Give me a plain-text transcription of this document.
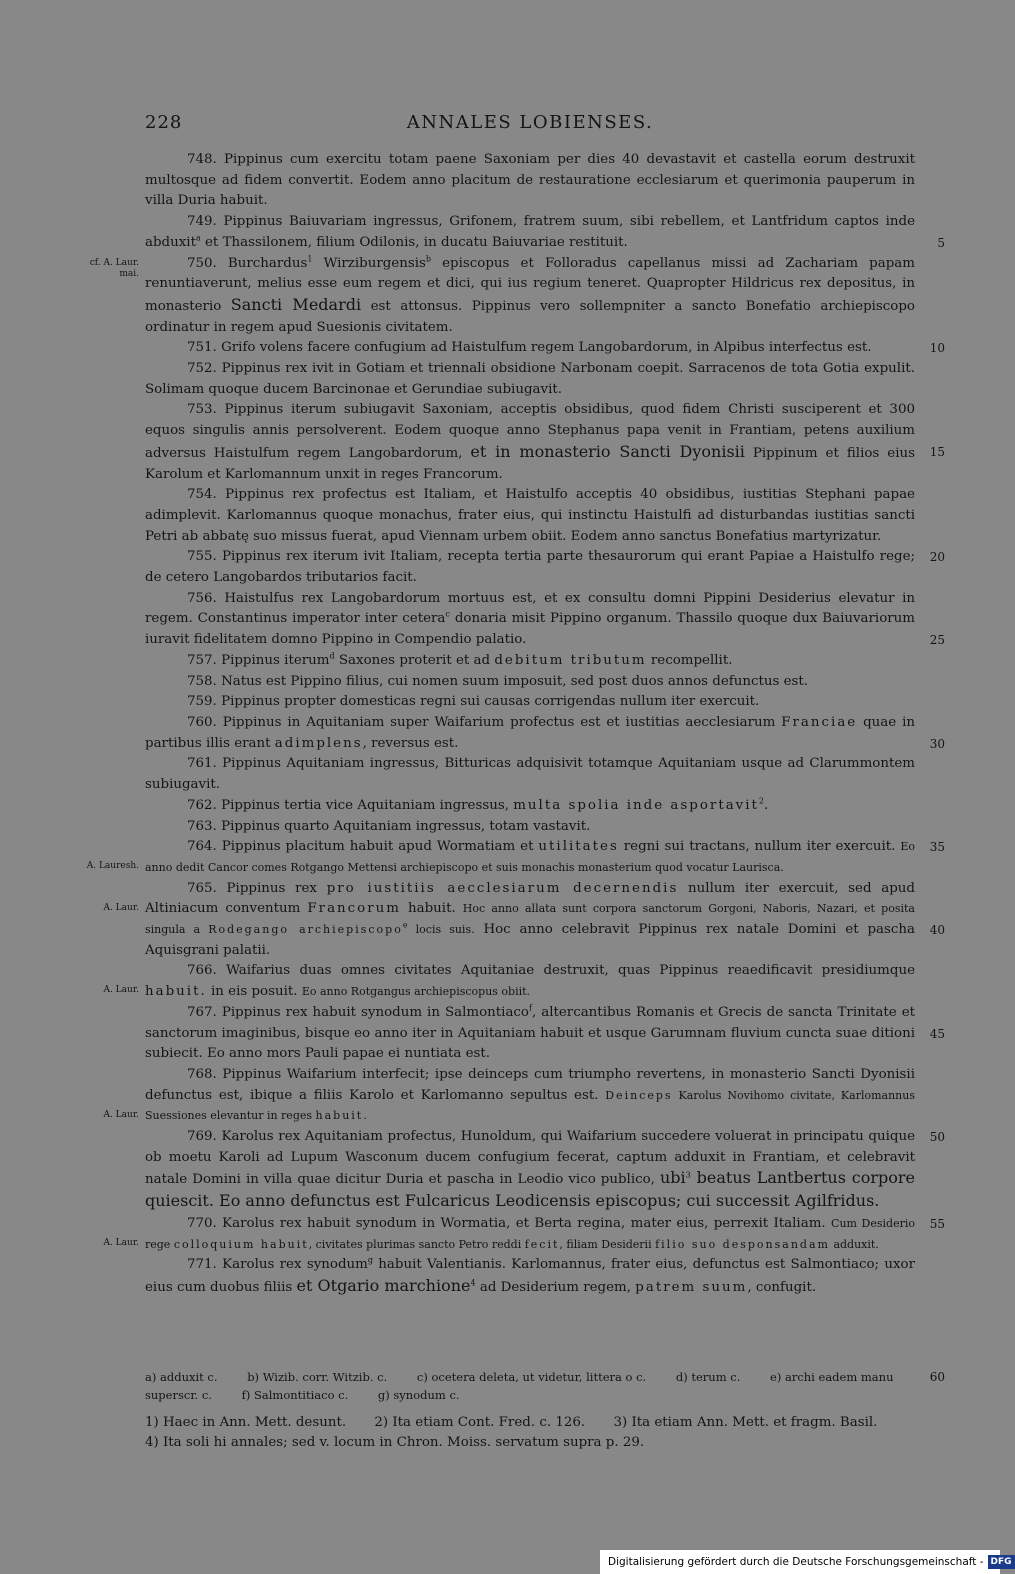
228	ANNALES LOBIENSES.

748. Pippinus cum exercitu totam paene Saxoniam per dies 40 devastavit et castella eorum destruxit multosque ad fidem convertit. Eodem anno placitum de restauratione ecclesiarum et querimonia pauperum in villa Duria habuit.

749. Pippinus Baiuvariam ingressus, Grifonem, fratrem suum, sibi rebellem, et Lantfridum captos inde abduxit$^a$ et Thassilonem, filium Odilonis, in ducatu Baiuvariae restituit.	5

cf. A. Laur. mai.
750. Burchardus$^1$ Wirziburgensis$^b$ episcopus et Folloradus capellanus missi ad Zachariam papam renuntiaverunt, melius esse eum regem et dici, qui ius regium teneret. Quapropter Hildricus rex depositus, in monasterio Sancti Medardi est attonsus. Pippinus vero sollempniter a sancto Bonefatio archiepiscopo ordinatur in regem apud Suesionis civitatem.

751. Grifo volens facere confugium ad Haistulfum regem Langobardorum, in Alpibus interfectus est.	10

752. Pippinus rex ivit in Gotiam et triennali obsidione Narbonam coepit. Sarracenos de tota Gotia expulit. Solimam quoque ducem Barcinonae et Gerundiae subiugavit.

753. Pippinus iterum subiugavit Saxoniam, acceptis obsidibus, quod fidem Christi susciperent et 300 equos singulis annis persolverent. Eodem quoque anno Stephanus papa venit in Frantiam, petens auxilium adversus Haistulfum regem Langobardorum, et in monasterio Sancti Dyonisii Pippinum et filios eius Karolum et Karlomannum unxit in reges Francorum.
15

754. Pippinus rex profectus est Italiam, et Haistulfo acceptis 40 obsidibus, iustitias Stephani papae adimplevit. Karlomannus quoque monachus, frater eius, qui instinctu Haistulfi ad disturbandas iustitias sancti Petri ab abbatę suo missus fuerat, apud Viennam urbem obiit. Eodem anno sanctus Bonefatius martyrizatur.
20

755. Pippinus rex iterum ivit Italiam, recepta tertia parte thesaurorum qui erant Papiae a Haistulfo rege; de cetero Langobardos tributarios facit.

756. Haistulfus rex Langobardorum mortuus est, et ex consultu domni Pippini Desiderius elevatur in regem. Constantinus imperator inter cetera$^c$ donaria misit Pippino organum. Thassilo quoque dux Baiuvariorum iuravit fidelitatem domno Pippino in Compendio palatio.	25

757. Pippinus iterum$^d$ Saxones proterit et ad debitum tributum recompellit.

758. Natus est Pippino filius, cui nomen suum imposuit, sed post duos annos defunctus est.

759. Pippinus propter domesticas regni sui causas corrigendas nullum iter exercuit.

760. Pippinus in Aquitaniam super Waifarium profectus est et iustitias aecclesiarum Franciae quae in partibus illis erant adimplens, reversus est.	30

761. Pippinus Aquitaniam ingressus, Bitturicas adquisivit totamque Aquitaniam usque ad Clarummontem subiugavit.

762. Pippinus tertia vice Aquitaniam ingressus, multa spolia inde asportavit$^2$.

763. Pippinus quarto Aquitaniam ingressus, totam vastavit.

764. Pippinus placitum habuit apud Wormatiam et utilitates regni sui tractans, nullum iter exercuit.	35
A. Lauresh.
Eo anno dedit Cancor comes Rotgango Mettensi archiepiscopo et suis monachis monasterium quod vocatur Laurisca.

A. Laur.
765. Pippinus rex pro iustitiis aecclesiarum decernendis nullum iter exercuit, sed apud Altiniacum conventum Francorum habuit. Hoc anno allata sunt corpora sanctorum Gorgoni, Naboris, Nazari, et posita singula a Rodegango archiepiscopo$^e$ locis suis. Hoc anno celebravit Pippinus rex natale Domini et pascha Aquisgrani palatii.
40

A. Laur.
766. Waifarius duas omnes civitates Aquitaniae destruxit, quas Pippinus reaedificavit presidiumque habuit. in eis posuit. Eo anno Rotgangus archiepiscopus obiit.

767. Pippinus rex habuit synodum in Salmontiaco$^f$, altercantibus Romanis et Grecis de sancta Trinitate et sanctorum imaginibus, bisque eo anno iter in Aquitaniam habuit et usque Garumnam fluvium cuncta suae ditioni subiecit. Eo anno mors Pauli papae ei nuntiata est.
45

A. Laur.
768. Pippinus Waifarium interfecit; ipse deinceps cum triumpho revertens, in monasterio Sancti Dyonisii defunctus est, ibique a filiis Karolo et Karlomanno sepultus est. Deinceps Karolus Novihomo civitate, Karlomannus Suessiones elevantur in reges habuit.

769. Karolus rex Aquitaniam profectus, Hunoldum, qui Waifarium succedere voluerat in principatu quique ob moetu Karoli ad Lupum Wasconum ducem confugium fecerat, captum adduxit in Frantiam, et celebravit natale Domini in villa quae dicitur Duria et pascha in Leodio vico publico, ubi$^3$ beatus Lantbertus corpore quiescit. Eo anno defunctus est Fulcaricus Leodicensis episcopus; cui successit Agilfridus.
50

770. Karolus rex habuit synodum in Wormatia, et Berta regina, mater eius, perrexit Italiam.	55
A. Laur.
Cum Desiderio rege colloquium habuit, civitates plurimas sancto Petro reddi fecit, filiam Desiderii filio suo desponsandam adduxit.

771. Karolus rex synodum$^g$ habuit Valentianis. Karlomannus, frater eius, defunctus est Salmontiaco; uxor eius cum duobus filiis et Otgario marchione$^4$ ad Desiderium regem, patrem suum, confugit.

a) adduxit c.	b) Wizib. corr. Witzib. c.	c) ocetera deleta, ut videtur, littera o c.	d) terum c.	e) archi eadem manu superscr. c.	f) Salmontitiaco c.	g) synodum c.
60
1) Haec in Ann. Mett. desunt. 2) Ita etiam Cont. Fred. c. 126. 3) Ita etiam Ann. Mett. et fragm. Basil. 4) Ita soli hi annales; sed v. locum in Chron. Moiss. servatum supra p. 29.
Digitalisierung gefördert durch die Deutsche Forschungsgemeinschaft - DFG
